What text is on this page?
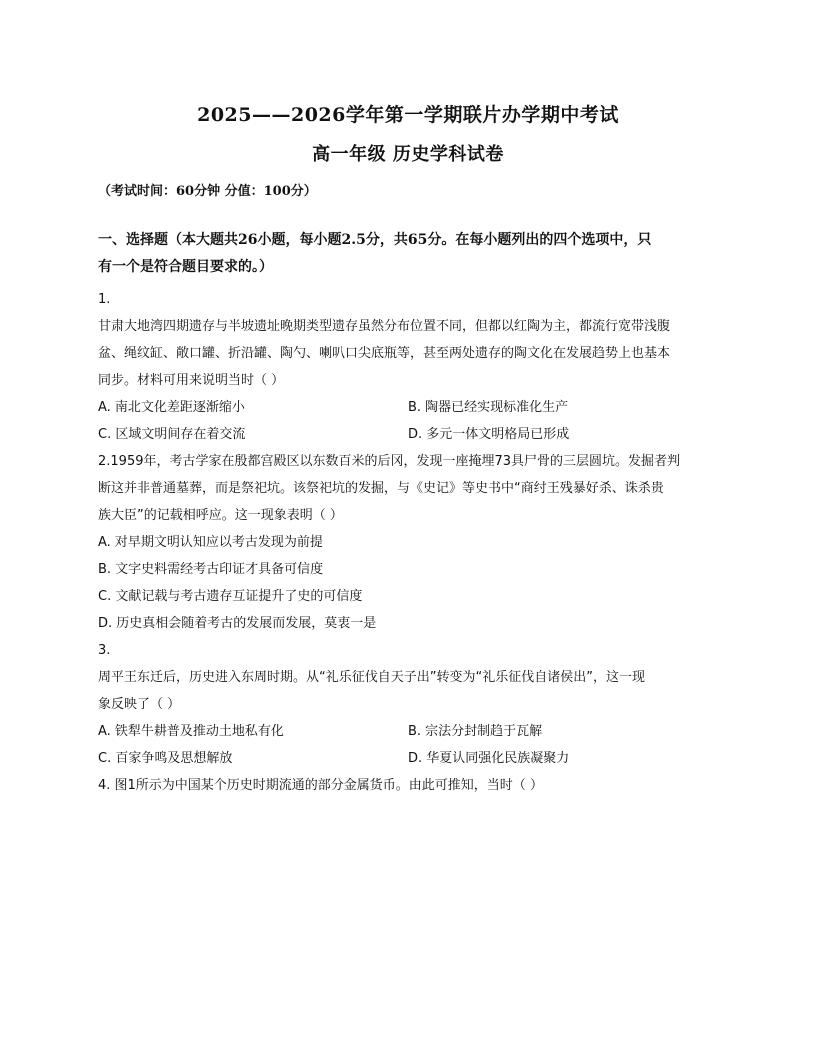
2025——2026学年第一学期联片办学期中考试
高一年级 历史学科试卷
（考试时间：60分钟 分值：100分）
一、选择题（本大题共26小题，每小题2.5分，共65分。在每小题列出的四个选项中，只
有一个是符合题目要求的。）
1.
甘肃大地湾四期遗存与半坡遗址晚期类型遗存虽然分布位置不同，但都以红陶为主，都流行宽带浅腹
盆、绳纹缸、敞口罐、折沿罐、陶勺、喇叭口尖底瓶等，甚至两处遗存的陶文化在发展趋势上也基本
同步。材料可用来说明当时（ ）
A. 南北文化差距逐渐缩小	B. 陶器已经实现标准化生产
C. 区域文明间存在着交流	D. 多元一体文明格局已形成
2.1959年，考古学家在殷都宫殿区以东数百米的后冈，发现一座掩埋73具尸骨的三层圆坑。发掘者判
断这并非普通墓葬，而是祭祀坑。该祭祀坑的发掘，与《史记》等史书中“商纣王残暴好杀、诛杀贵
族大臣”的记载相呼应。这一现象表明（ ）
A. 对早期文明认知应以考古发现为前提
B. 文字史料需经考古印证才具备可信度
C. 文献记载与考古遗存互证提升了史的可信度
D. 历史真相会随着考古的发展而发展，莫衷一是
3.
周平王东迁后，历史进入东周时期。从“礼乐征伐自天子出”转变为“礼乐征伐自诸侯出”，这一现
象反映了（ ）
A. 铁犁牛耕普及推动土地私有化	B. 宗法分封制趋于瓦解
C. 百家争鸣及思想解放	D. 华夏认同强化民族凝聚力
4. 图1所示为中国某个历史时期流通的部分金属货币。由此可推知，当时（ ）
